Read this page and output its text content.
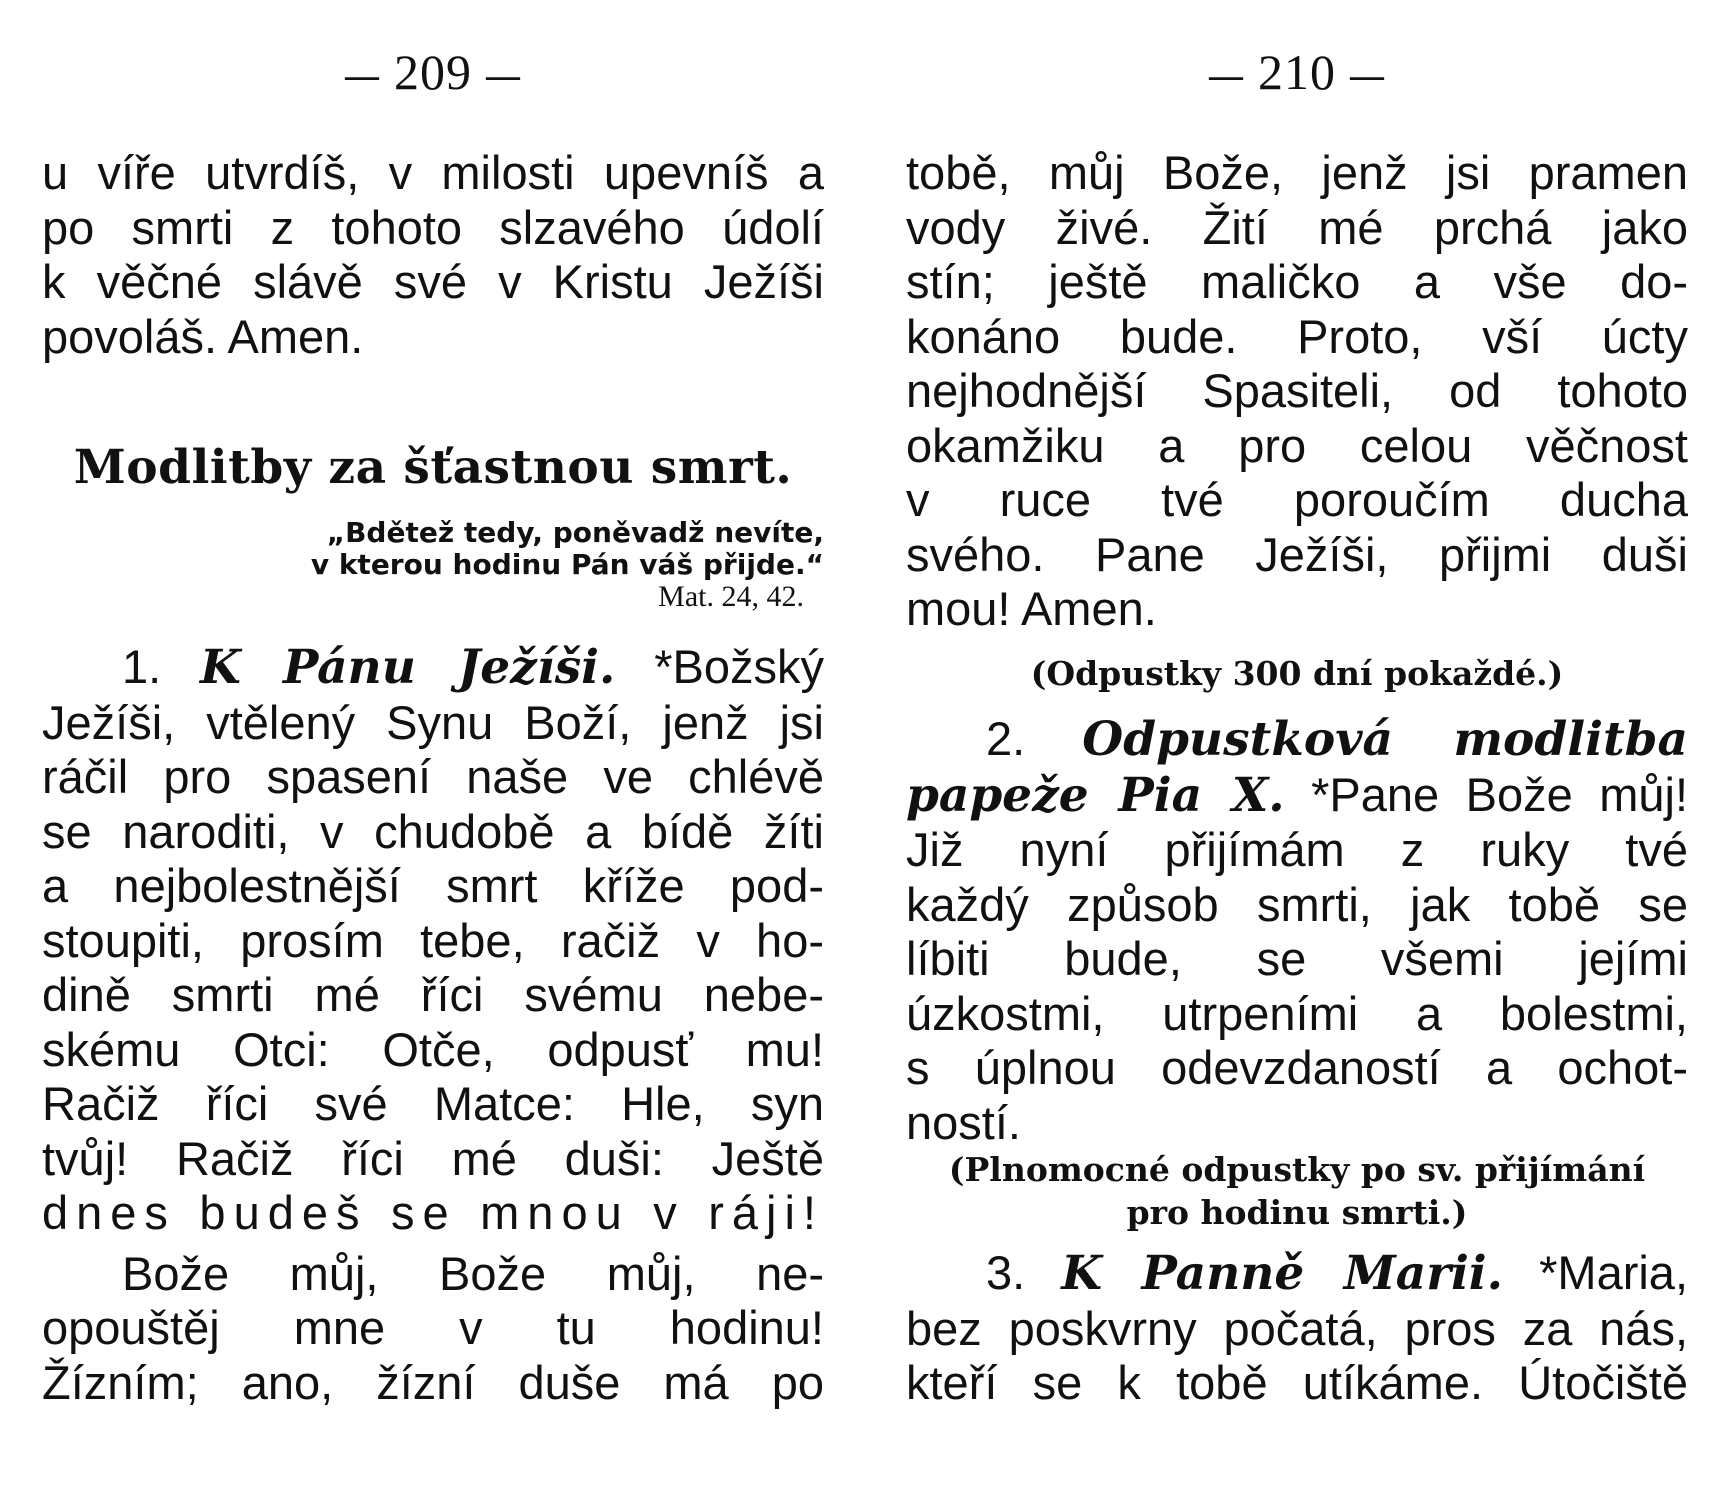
— 209 —
u víře utvrdíš, v milosti upevníš a
po smrti z tohoto slzavého údolí
k věčné slávě své v Kristu Ježíši
povoláš. Amen.
Modlitby za šťastnou smrt.
„Bdětež tedy, poněvadž nevíte,
v kterou hodinu Pán váš přijde.“
Mat. 24, 42.
1. K Pánu Ježíši. *Božský
Ježíši, vtělený Synu Boží, jenž jsi
ráčil pro spasení naše ve chlévě
se naroditi, v chudobě a bídě žíti
a nejbolestnější smrt kříže pod-
stoupiti, prosím tebe, račiž v ho-
dině smrti mé říci svému nebe-
skému Otci: Otče, odpusť mu!
Račiž říci své Matce: Hle, syn
tvůj! Račiž říci mé duši: Ještě
dnes budeš se mnou v ráji!
Bože můj, Bože můj, ne-
opouštěj mne v tu hodinu!
Žízním; ano, žízní duše má po
— 210 —
tobě, můj Bože, jenž jsi pramen
vody živé. Žití mé prchá jako
stín; ještě maličko a vše do-
konáno bude. Proto, vší úcty
nejhodnější Spasiteli, od tohoto
okamžiku a pro celou věčnost
v ruce tvé poroučím ducha
svého. Pane Ježíši, přijmi duši
mou! Amen.
(Odpustky 300 dní pokaždé.)
2. Odpustková modlitba
papeže Pia X. *Pane Bože můj!
Již nyní přijímám z ruky tvé
každý způsob smrti, jak tobě se
líbiti bude, se všemi jejími
úzkostmi, utrpeními a bolestmi,
s úplnou odevzdaností a ochot-
ností.
(Plnomocné odpustky po sv. přijímání
pro hodinu smrti.)
3. K Panně Marii. *Maria,
bez poskvrny počatá, pros za nás,
kteří se k tobě utíkáme. Útočiště
